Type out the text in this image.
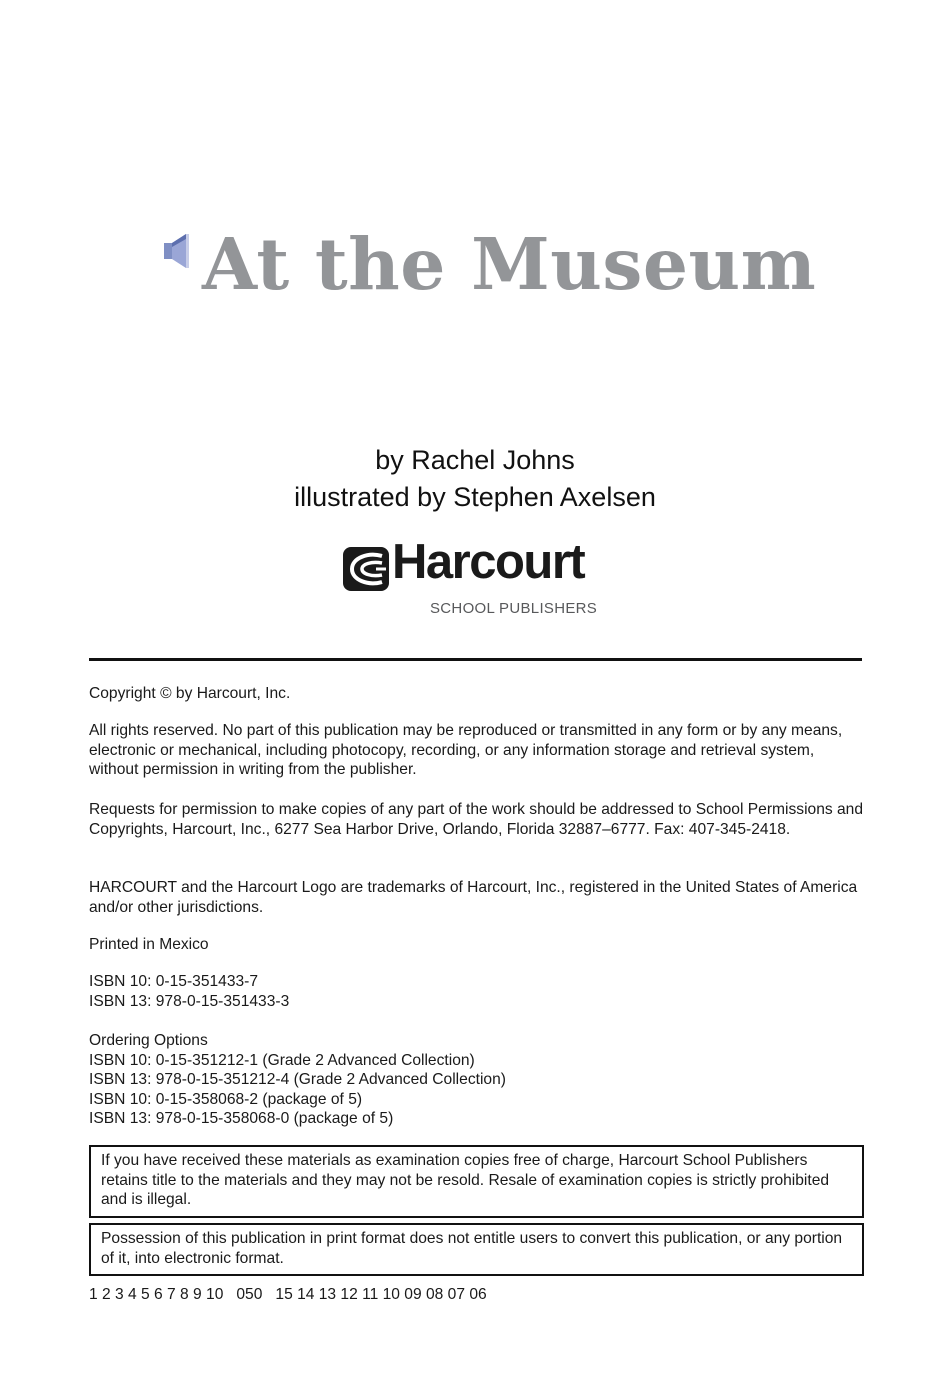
At the Museum
by Rachel Johns
illustrated by Stephen Axelsen
Harcourt
SCHOOL PUBLISHERS

Copyright © by Harcourt, Inc.

All rights reserved. No part of this publication may be reproduced or transmitted in any form or by any means, electronic or mechanical, including photocopy, recording, or any information storage and retrieval system, without permission in writing from the publisher.

Requests for permission to make copies of any part of the work should be addressed to School Permissions and Copyrights, Harcourt, Inc., 6277 Sea Harbor Drive, Orlando, Florida 32887–6777. Fax: 407-345-2418.

HARCOURT and the Harcourt Logo are trademarks of Harcourt, Inc., registered in the United States of America and/or other jurisdictions.

Printed in Mexico

ISBN 10: 0-15-351433-7

ISBN 13: 978-0-15-351433-3

Ordering Options

ISBN 10: 0-15-351212-1 (Grade 2 Advanced Collection)

ISBN 13: 978-0-15-351212-4 (Grade 2 Advanced Collection)

ISBN 10: 0-15-358068-2 (package of 5)

ISBN 13: 978-0-15-358068-0 (package of 5)

If you have received these materials as examination copies free of charge, Harcourt School Publishers retains title to the materials and they may not be resold. Resale of examination copies is strictly prohibited and is illegal.
Possession of this publication in print format does not entitle users to convert this publication, or any portion of it, into electronic format.
1 2 3 4 5 6 7 8 9 10   050   15 14 13 12 11 10 09 08 07 06
